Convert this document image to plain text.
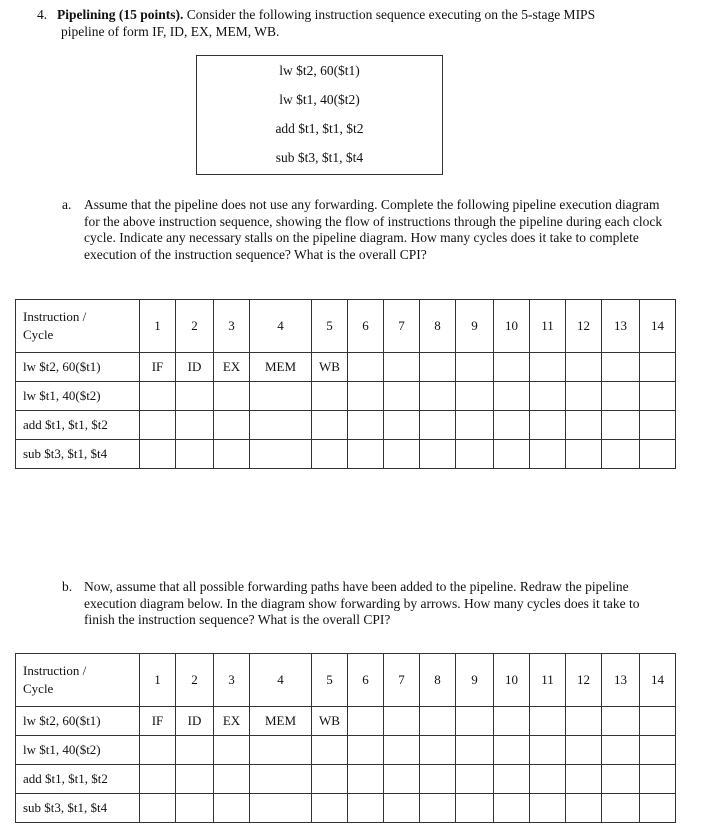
4. Pipelining (15 points). Consider the following instruction sequence executing on the 5-stage MIPS
pipeline of form IF, ID, EX, MEM, WB.
lw $t2, 60($t1)
lw $t1, 40($t2)
add $t1, $t1, $t2
sub $t3, $t1, $t4
a. Assume that the pipeline does not use any forwarding. Complete the following pipeline execution diagram for the above instruction sequence, showing the flow of instructions through the pipeline during each clock cycle. Indicate any necessary stalls on the pipeline diagram. How many cycles does it take to complete execution of the instruction sequence? What is the overall CPI?
Instruction /
Cycle	1	2	3	4	5	6	7	8	9	10	11	12	13	14
lw $t2, 60($t1)	IF	ID	EX	MEM	WB									
lw $t1, 40($t2)														
add $t1, $t1, $t2														
sub $t3, $t1, $t4														
b. Now, assume that all possible forwarding paths have been added to the pipeline. Redraw the pipeline execution diagram below. In the diagram show forwarding by arrows. How many cycles does it take to finish the instruction sequence? What is the overall CPI?
Instruction /
Cycle	1	2	3	4	5	6	7	8	9	10	11	12	13	14
lw $t2, 60($t1)	IF	ID	EX	MEM	WB									
lw $t1, 40($t2)														
add $t1, $t1, $t2														
sub $t3, $t1, $t4														
